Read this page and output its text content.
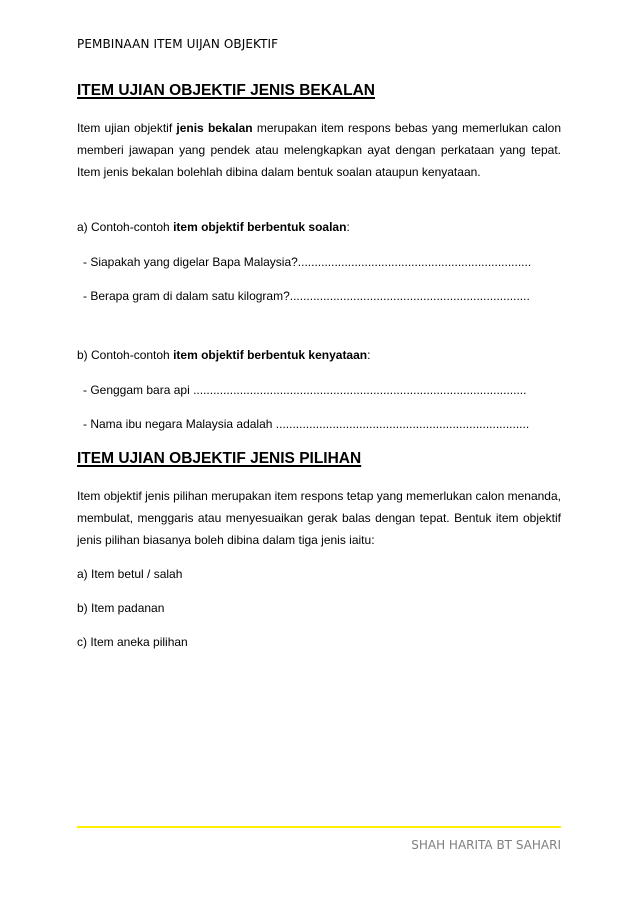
PEMBINAAN ITEM UIJAN OBJEKTIF
ITEM UJIAN OBJEKTIF JENIS BEKALAN

Item ujian objektif jenis bekalan merupakan item respons bebas yang memerlukan calon memberi jawapan yang pendek atau melengkapkan ayat dengan perkataan yang tepat. Item jenis bekalan bolehlah dibina dalam bentuk soalan ataupun kenyataan.

a) Contoh-contoh item objektif berbentuk soalan:

- Siapakah yang digelar Bapa Malaysia?......................................................................

- Berapa gram di dalam satu kilogram?........................................................................

b) Contoh-contoh item objektif berbentuk kenyataan:

- Genggam bara api ....................................................................................................

- Nama ibu negara Malaysia adalah ............................................................................

ITEM UJIAN OBJEKTIF JENIS PILIHAN

Item objektif jenis pilihan merupakan item respons tetap yang memerlukan calon menanda, membulat, menggaris atau menyesuaikan gerak balas dengan tepat. Bentuk item objektif jenis pilihan biasanya boleh dibina dalam tiga jenis iaitu:

a) Item betul / salah

b) Item padanan

c) Item aneka pilihan

SHAH HARITA BT SAHARI
